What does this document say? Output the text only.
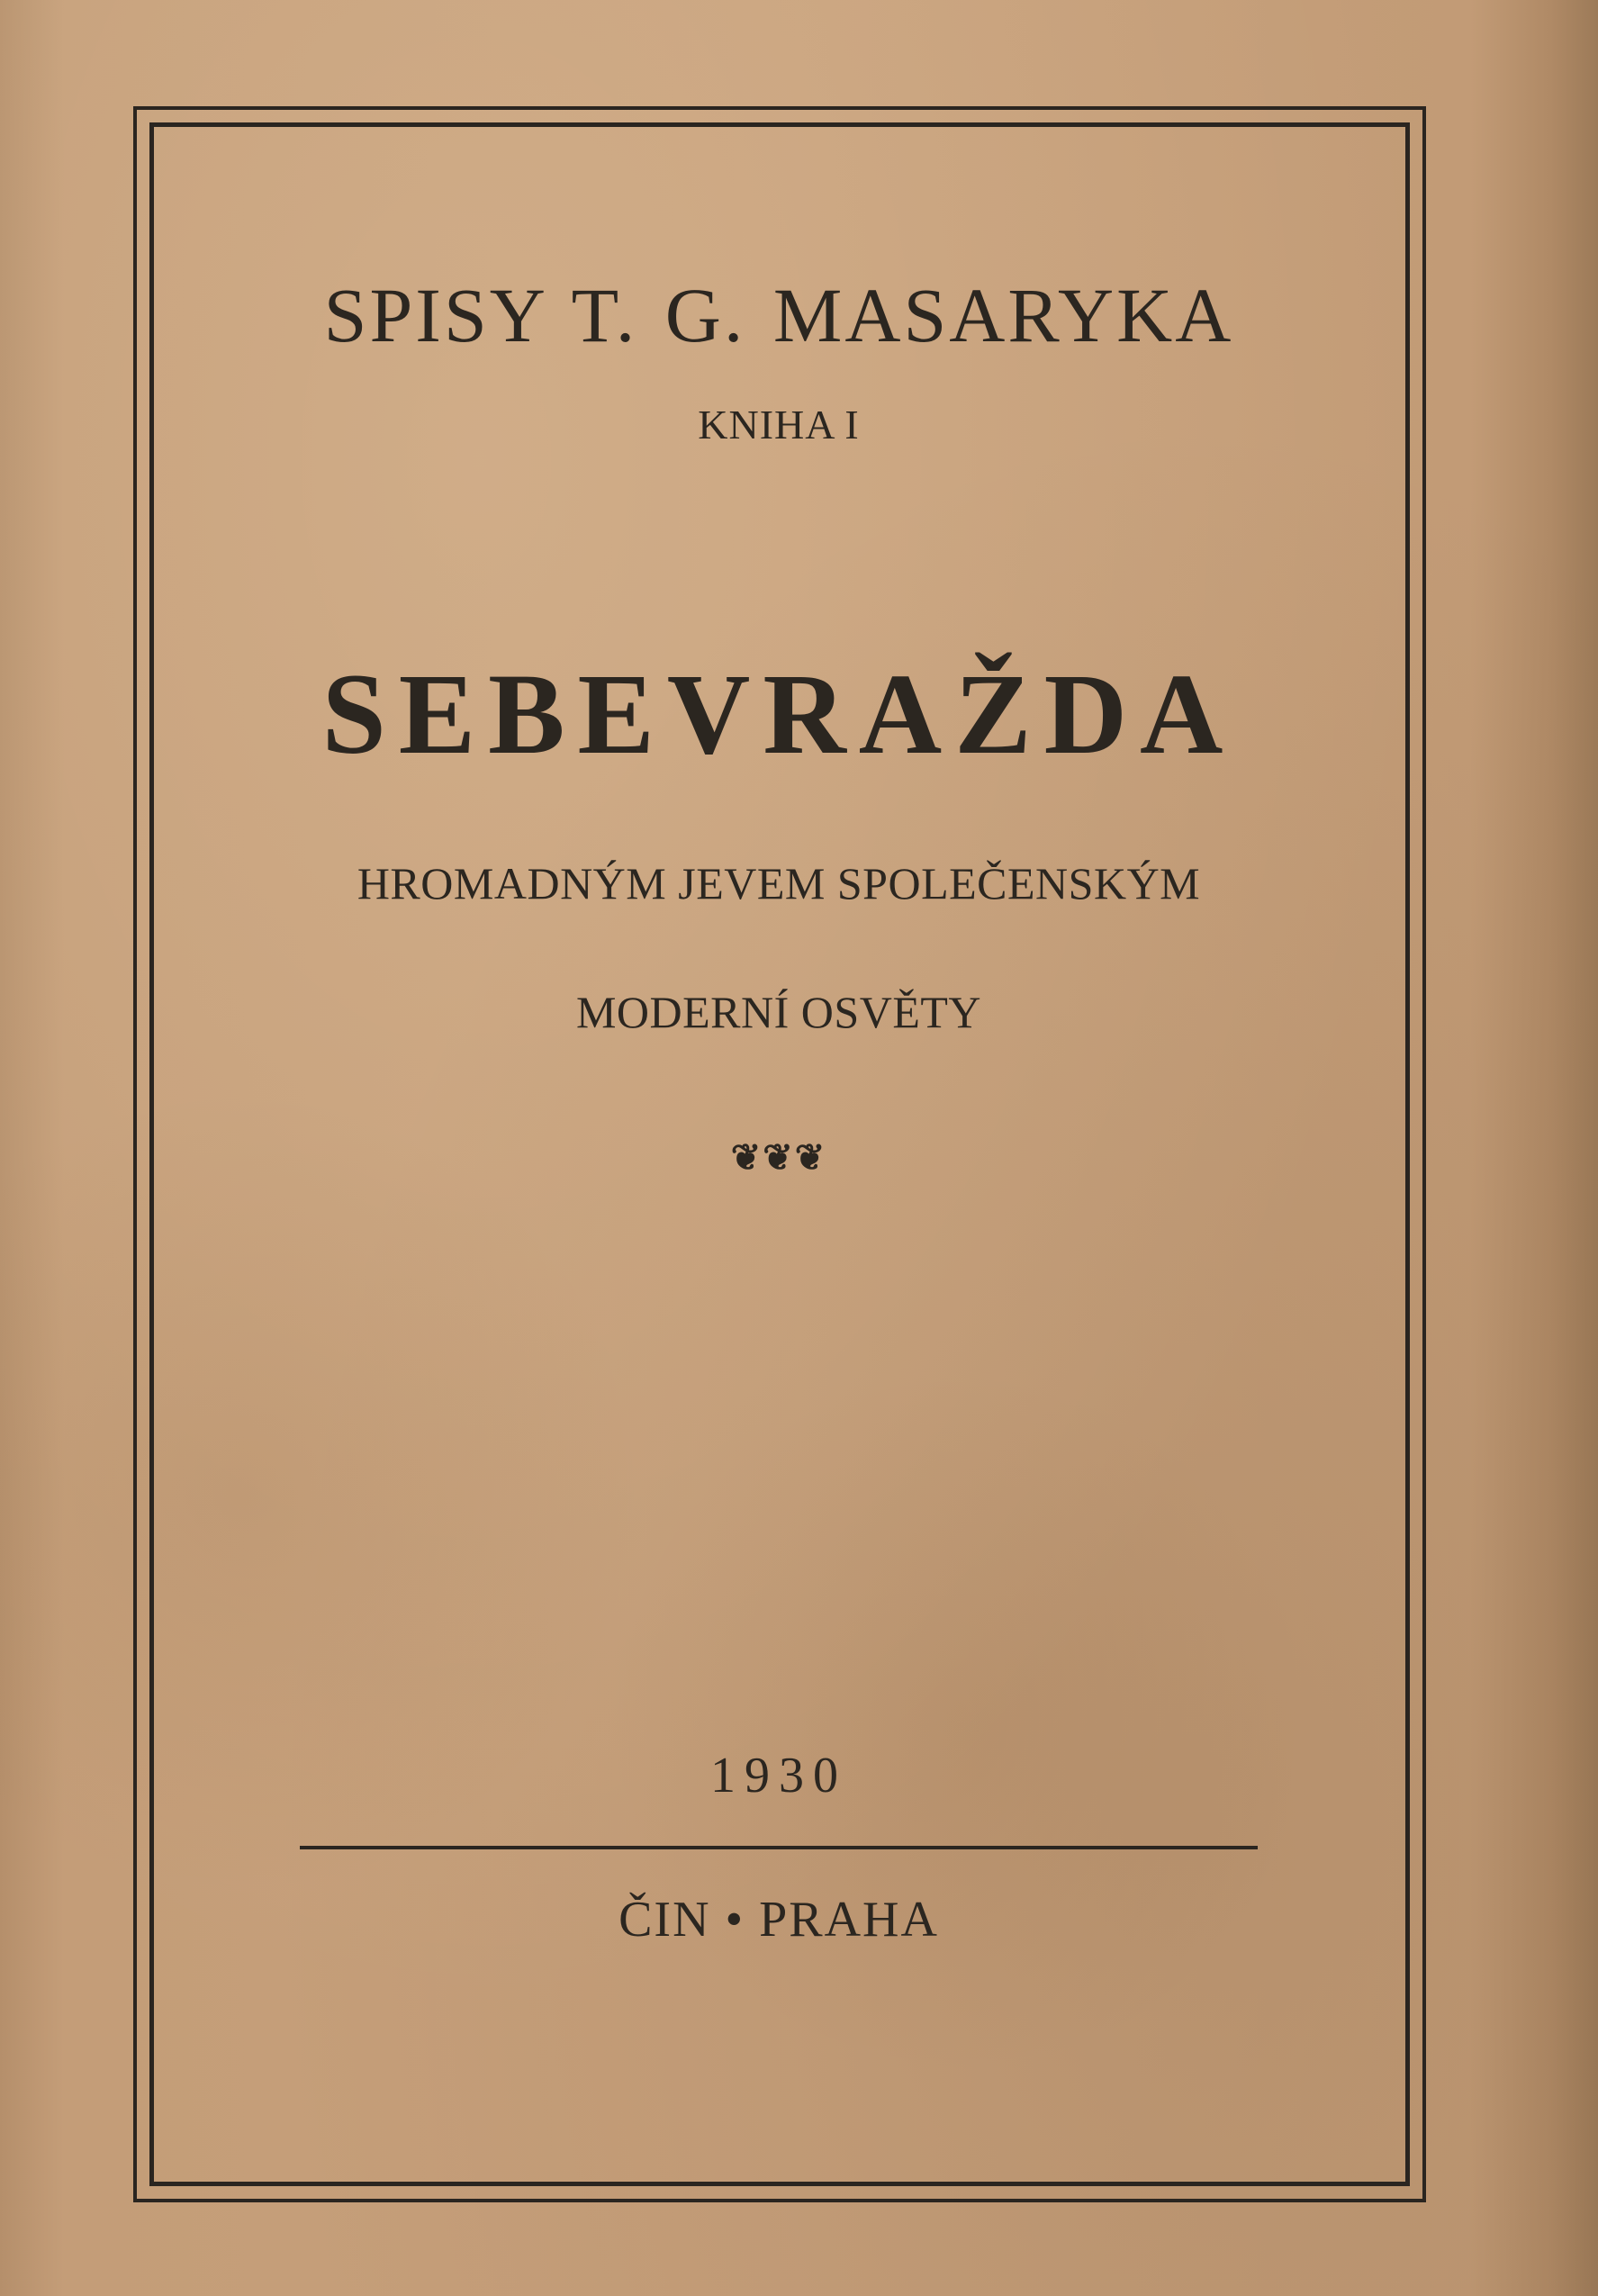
SPISY T. G. MASARYKA
KNIHA I
SEBEVRAŽDA
HROMADNÝM JEVEM SPOLEČENSKÝM
MODERNÍ OSVĚTY
❦❦❦
1930
ČIN • PRAHA
